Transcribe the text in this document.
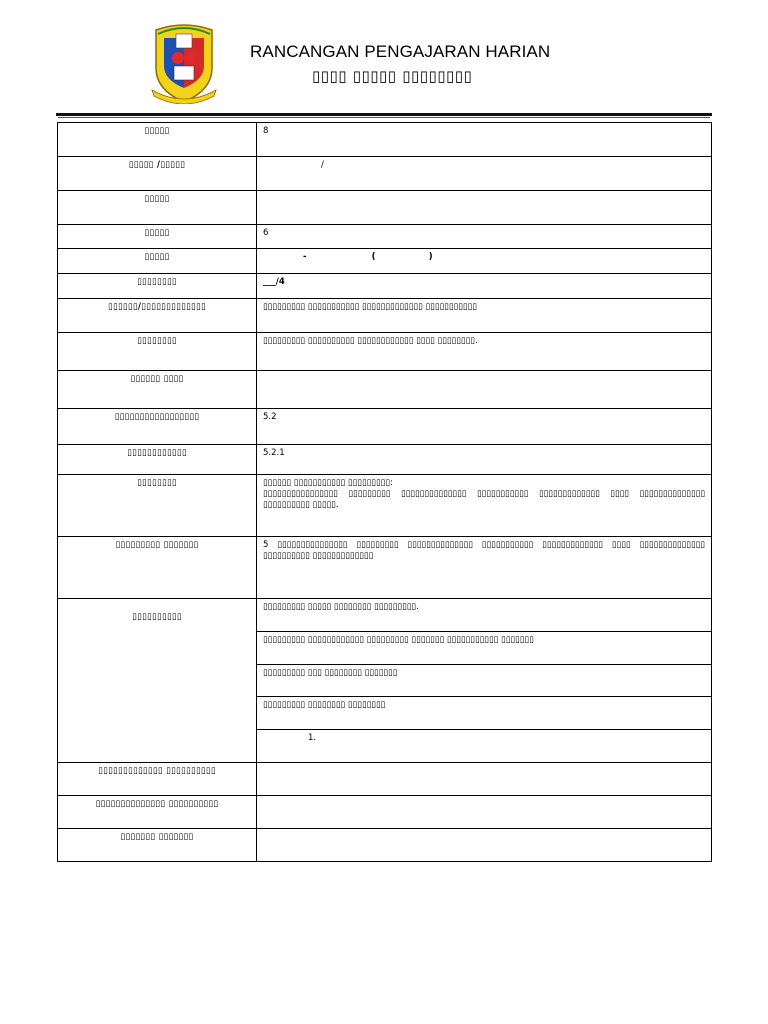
RANCANGAN PENGAJARAN HARIAN
▯▯▯▯ ▯▯▯▯▯ ▯▯▯▯▯▯▯▯
▯▯▯▯▯	8
▯▯▯▯▯ /▯▯▯▯▯	/
▯▯▯▯▯	
▯▯▯▯▯	6
▯▯▯▯▯	-                      (                  )
▯▯▯▯▯▯▯▯	___/4
▯▯▯▯▯▯/▯▯▯▯▯▯▯▯▯▯▯▯▯	▯▯▯▯▯▯▯▯▯ ▯▯▯▯▯▯▯▯▯▯▯ ▯▯▯▯▯▯▯▯▯▯▯▯▯ ▯▯▯▯▯▯▯▯▯▯▯
▯▯▯▯▯▯▯▯	▯▯▯▯▯▯▯▯▯ ▯▯▯▯▯▯▯▯▯▯ ▯▯▯▯▯▯▯▯▯▯▯▯ ▯▯▯▯ ▯▯▯▯▯▯▯▯.
▯▯▯▯▯▯ ▯▯▯▯	
▯▯▯▯▯▯▯▯▯▯▯▯▯▯▯▯▯	5.2
▯▯▯▯▯▯▯▯▯▯▯▯	5.2.1
▯▯▯▯▯▯▯▯	▯▯▯▯▯▯ ▯▯▯▯▯▯▯▯▯▯▯ ▯▯▯▯▯▯▯▯▯:
▯▯▯▯▯▯▯▯▯▯▯▯▯▯▯▯ ▯▯▯▯▯▯▯▯▯ ▯▯▯▯▯▯▯▯▯▯▯▯▯▯ ▯▯▯▯▯▯▯▯▯▯▯ ▯▯▯▯▯▯▯▯▯▯▯▯▯ ▯▯▯▯ ▯▯▯▯▯▯▯▯▯▯▯▯▯▯ ▯▯▯▯▯▯▯▯▯▯ ▯▯▯▯▯.

▯▯▯▯▯▯▯▯▯ ▯▯▯▯▯▯▯	5 ▯▯▯▯▯▯▯▯▯▯▯▯▯▯▯ ▯▯▯▯▯▯▯▯▯ ▯▯▯▯▯▯▯▯▯▯▯▯▯▯ ▯▯▯▯▯▯▯▯▯▯▯ ▯▯▯▯▯▯▯▯▯▯▯▯▯ ▯▯▯▯ ▯▯▯▯▯▯▯▯▯▯▯▯▯▯ ▯▯▯▯▯▯▯▯▯▯ ▯▯▯▯▯▯▯▯▯▯▯▯▯
▯▯▯▯▯▯▯▯▯▯	▯▯▯▯▯▯▯▯▯ ▯▯▯▯▯ ▯▯▯▯▯▯▯▯ ▯▯▯▯▯▯▯▯▯.
	▯▯▯▯▯▯▯▯▯ ▯▯▯▯▯▯▯▯▯▯▯▯ ▯▯▯▯▯▯▯▯▯ ▯▯▯▯▯▯▯ ▯▯▯▯▯▯▯▯▯▯▯ ▯▯▯▯▯▯▯
	▯▯▯▯▯▯▯▯▯ ▯▯▯ ▯▯▯▯▯▯▯▯ ▯▯▯▯▯▯▯
	▯▯▯▯▯▯▯▯▯ ▯▯▯▯▯▯▯▯ ▯▯▯▯▯▯▯▯
	1.
▯▯▯▯▯▯▯▯▯▯▯▯▯ ▯▯▯▯▯▯▯▯▯▯	
▯▯▯▯▯▯▯▯▯▯▯▯▯▯ ▯▯▯▯▯▯▯▯▯▯	
▯▯▯▯▯▯▯ ▯▯▯▯▯▯▯	
